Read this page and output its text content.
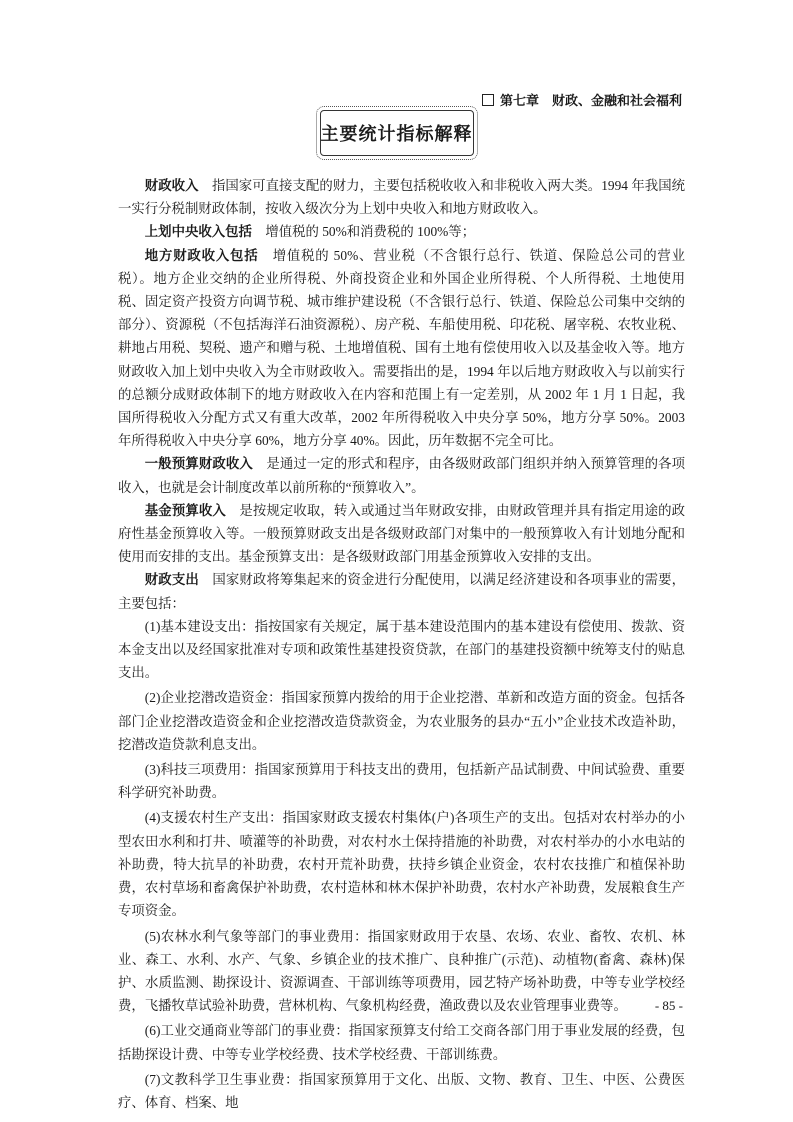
第七章　财政、金融和社会福利
主要统计指标解释

财政收入　 指国家可直接支配的财力，主要包括税收收入和非税收入两大类。1994 年我国统一实行分税制财政体制，按收入级次分为上划中央收入和地方财政收入。

上划中央收入包括　 增值税的 50%和消费税的 100%等；

地方财政收入包括　 增值税的 50%、营业税（不含银行总行、铁道、保险总公司的营业税）。地方企业交纳的企业所得税、外商投资企业和外国企业所得税、个人所得税、土地使用税、固定资产投资方向调节税、城市维护建设税（不含银行总行、铁道、保险总公司集中交纳的部分）、资源税（不包括海洋石油资源税）、房产税、车船使用税、印花税、屠宰税、农牧业税、耕地占用税、契税、遗产和赠与税、土地增值税、国有土地有偿使用收入以及基金收入等。地方财政收入加上划中央收入为全市财政收入。需要指出的是，1994 年以后地方财政收入与以前实行的总额分成财政体制下的地方财政收入在内容和范围上有一定差别，从 2002 年 1 月 1 日起，我国所得税收入分配方式又有重大改革，2002 年所得税收入中央分享 50%，地方分享 50%。2003 年所得税收入中央分享 60%，地方分享 40%。因此，历年数据不完全可比。

一般预算财政收入　 是通过一定的形式和程序，由各级财政部门组织并纳入预算管理的各项收入，也就是会计制度改革以前所称的“预算收入”。

基金预算收入　 是按规定收取，转入或通过当年财政安排，由财政管理并具有指定用途的政府性基金预算收入等。一般预算财政支出是各级财政部门对集中的一般预算收入有计划地分配和使用而安排的支出。基金预算支出：是各级财政部门用基金预算收入安排的支出。

财政支出　 国家财政将筹集起来的资金进行分配使用，以满足经济建设和各项事业的需要，主要包括：

(1)基本建设支出：指按国家有关规定，属于基本建设范围内的基本建设有偿使用、拨款、资本金支出以及经国家批准对专项和政策性基建投资贷款，在部门的基建投资额中统筹支付的贴息支出。

(2)企业挖潜改造资金：指国家预算内拨给的用于企业挖潜、革新和改造方面的资金。包括各部门企业挖潜改造资金和企业挖潜改造贷款资金，为农业服务的县办“五小”企业技术改造补助，挖潜改造贷款利息支出。

(3)科技三项费用：指国家预算用于科技支出的费用，包括新产品试制费、中间试验费、重要科学研究补助费。

(4)支援农村生产支出：指国家财政支援农村集体(户)各项生产的支出。包括对农村举办的小型农田水利和打井、喷灌等的补助费，对农村水土保持措施的补助费，对农村举办的小水电站的补助费，特大抗旱的补助费，农村开荒补助费，扶持乡镇企业资金，农村农技推广和植保补助费，农村草场和畜禽保护补助费，农村造林和林木保护补助费，农村水产补助费，发展粮食生产专项资金。

(5)农林水利气象等部门的事业费用：指国家财政用于农垦、农场、农业、畜牧、农机、林业、森工、水利、水产、气象、乡镇企业的技术推广、良种推广(示范)、动植物(畜禽、森林)保护、水质监测、勘探设计、资源调查、干部训练等项费用，园艺特产场补助费，中等专业学校经费，飞播牧草试验补助费，营林机构、气象机构经费，渔政费以及农业管理事业费等。

(6)工业交通商业等部门的事业费：指国家预算支付给工交商各部门用于事业发展的经费，包括勘探设计费、中等专业学校经费、技术学校经费、干部训练费。

(7)文教科学卫生事业费：指国家预算用于文化、出版、文物、教育、卫生、中医、公费医疗、体育、档案、地

- 85 -
